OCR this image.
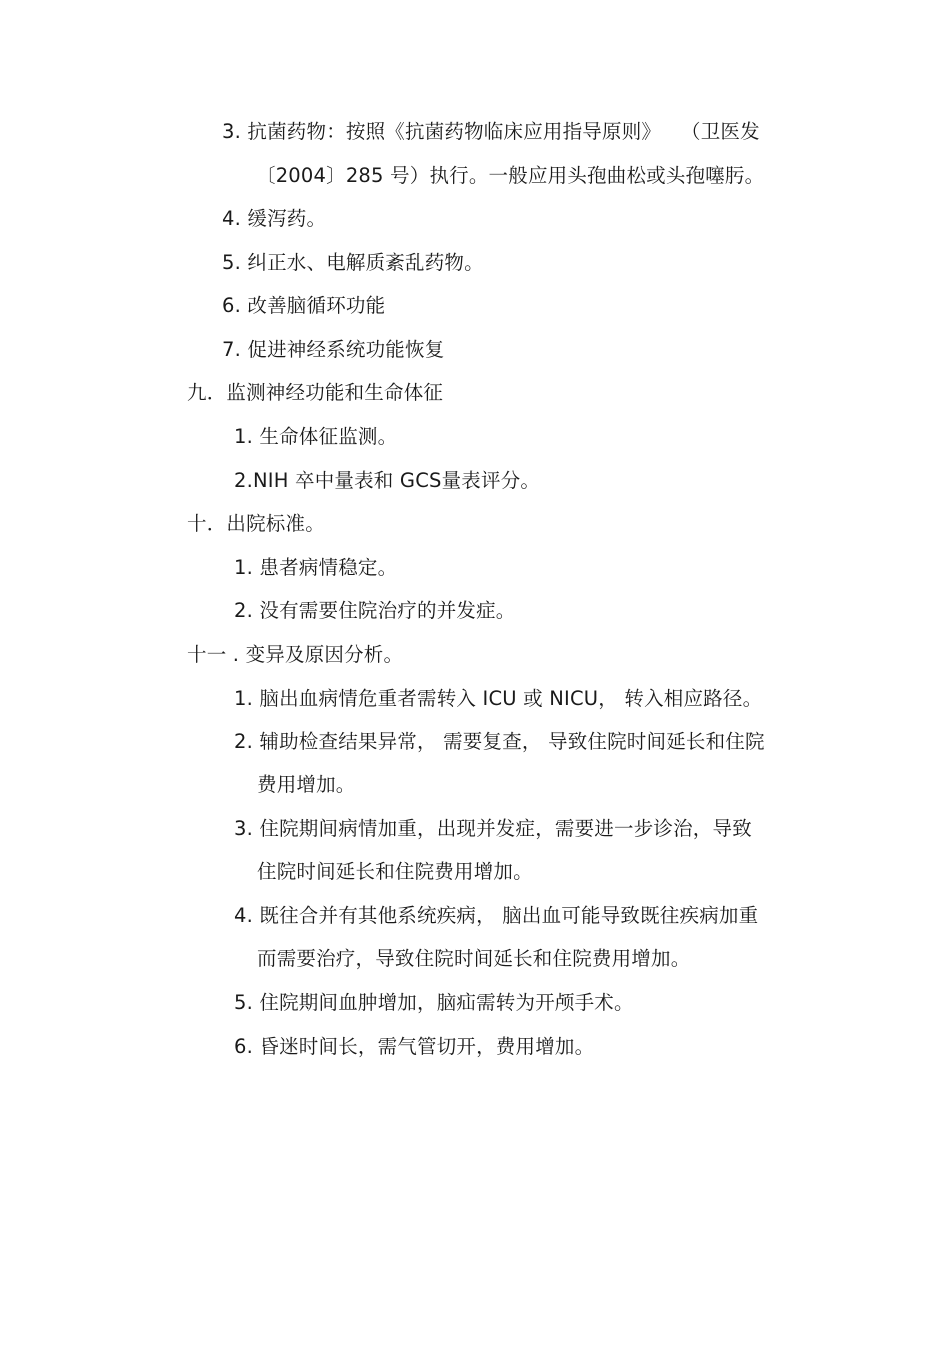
3. 抗菌药物：按照《抗菌药物临床应用指导原则》　　（卫医发
〔2004〕285 号）执行。一般应用头孢曲松或头孢噻肟。
4. 缓泻药。
5. 纠正水、电解质紊乱药物。
6. 改善脑循环功能
7. 促进神经系统功能恢复
九．监测神经功能和生命体征
1. 生命体征监测。
2.NIH 卒中量表和 GCS量表评分。
十．出院标准。
1. 患者病情稳定。
2. 没有需要住院治疗的并发症。
十一 . 变异及原因分析。
1. 脑出血病情危重者需转入 ICU 或 NICU， 转入相应路径。
2. 辅助检查结果异常， 需要复查， 导致住院时间延长和住院
费用增加。
3. 住院期间病情加重，出现并发症，需要进一步诊治，导致
住院时间延长和住院费用增加。
4. 既往合并有其他系统疾病， 脑出血可能导致既往疾病加重
而需要治疗，导致住院时间延长和住院费用增加。
5. 住院期间血肿增加，脑疝需转为开颅手术。
6. 昏迷时间长，需气管切开，费用增加。
